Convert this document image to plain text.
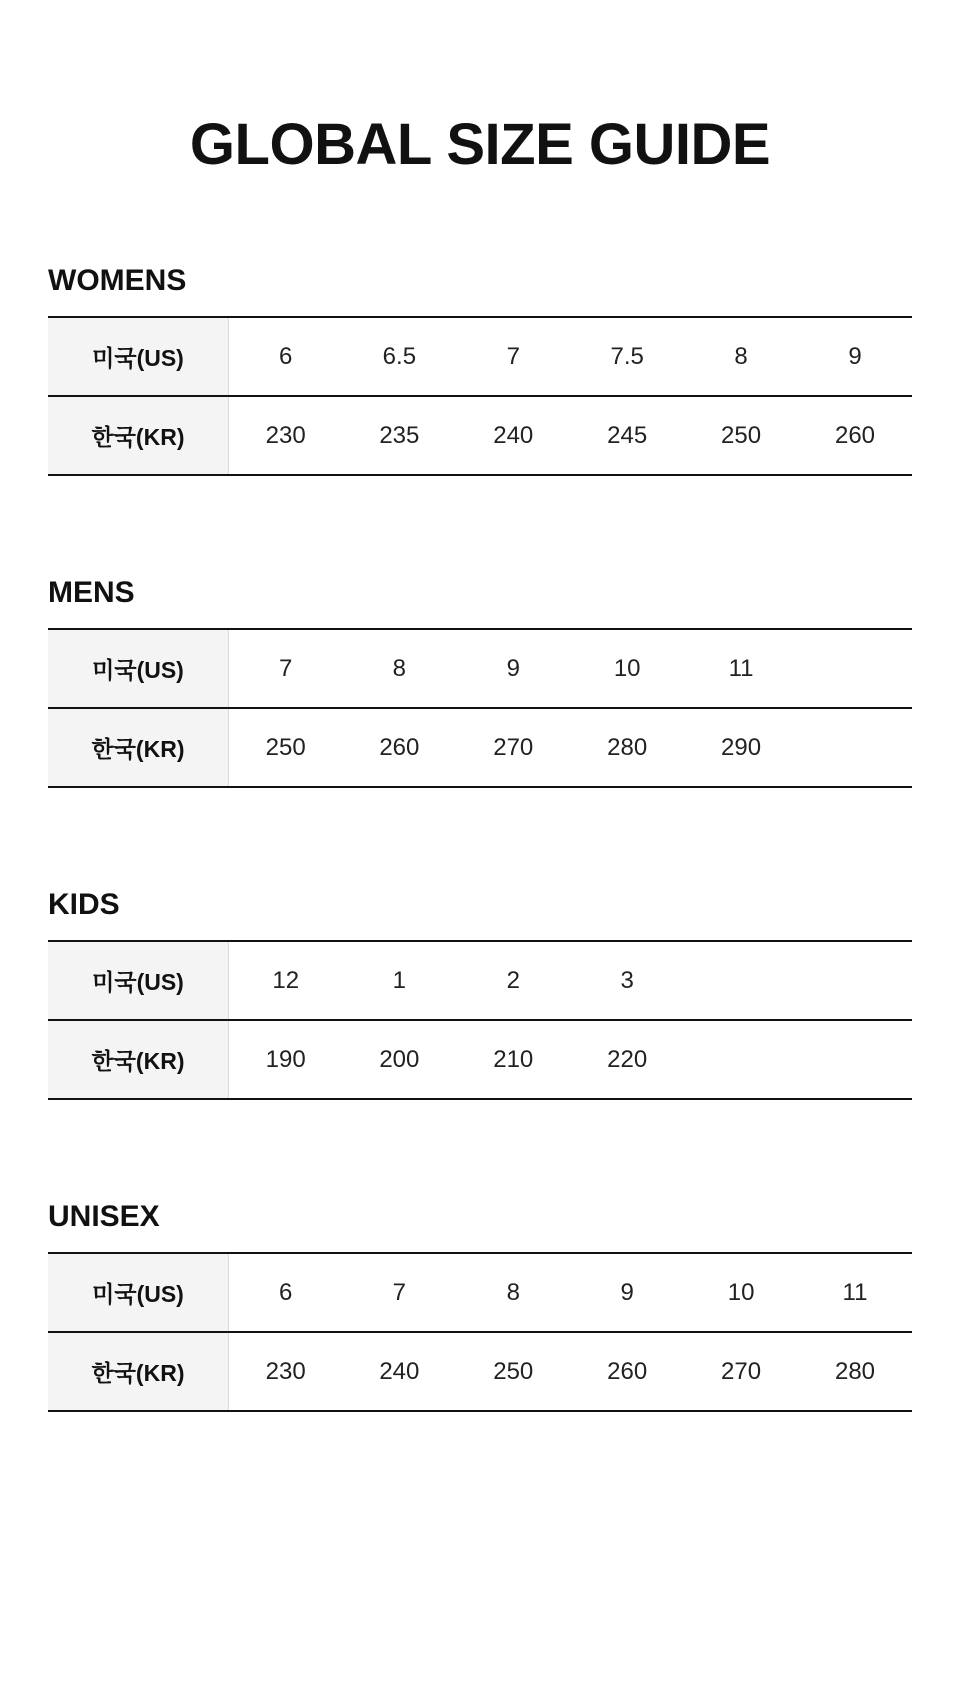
GLOBAL SIZE GUIDE
WOMENS
미국(US)	6	6.5	7	7.5	8	9
한국(KR)	230	235	240	245	250	260
MENS
미국(US)	7	8	9	10	11	
한국(KR)	250	260	270	280	290	
KIDS
미국(US)	12	1	2	3		
한국(KR)	190	200	210	220		
UNISEX
미국(US)	6	7	8	9	10	11
한국(KR)	230	240	250	260	270	280
